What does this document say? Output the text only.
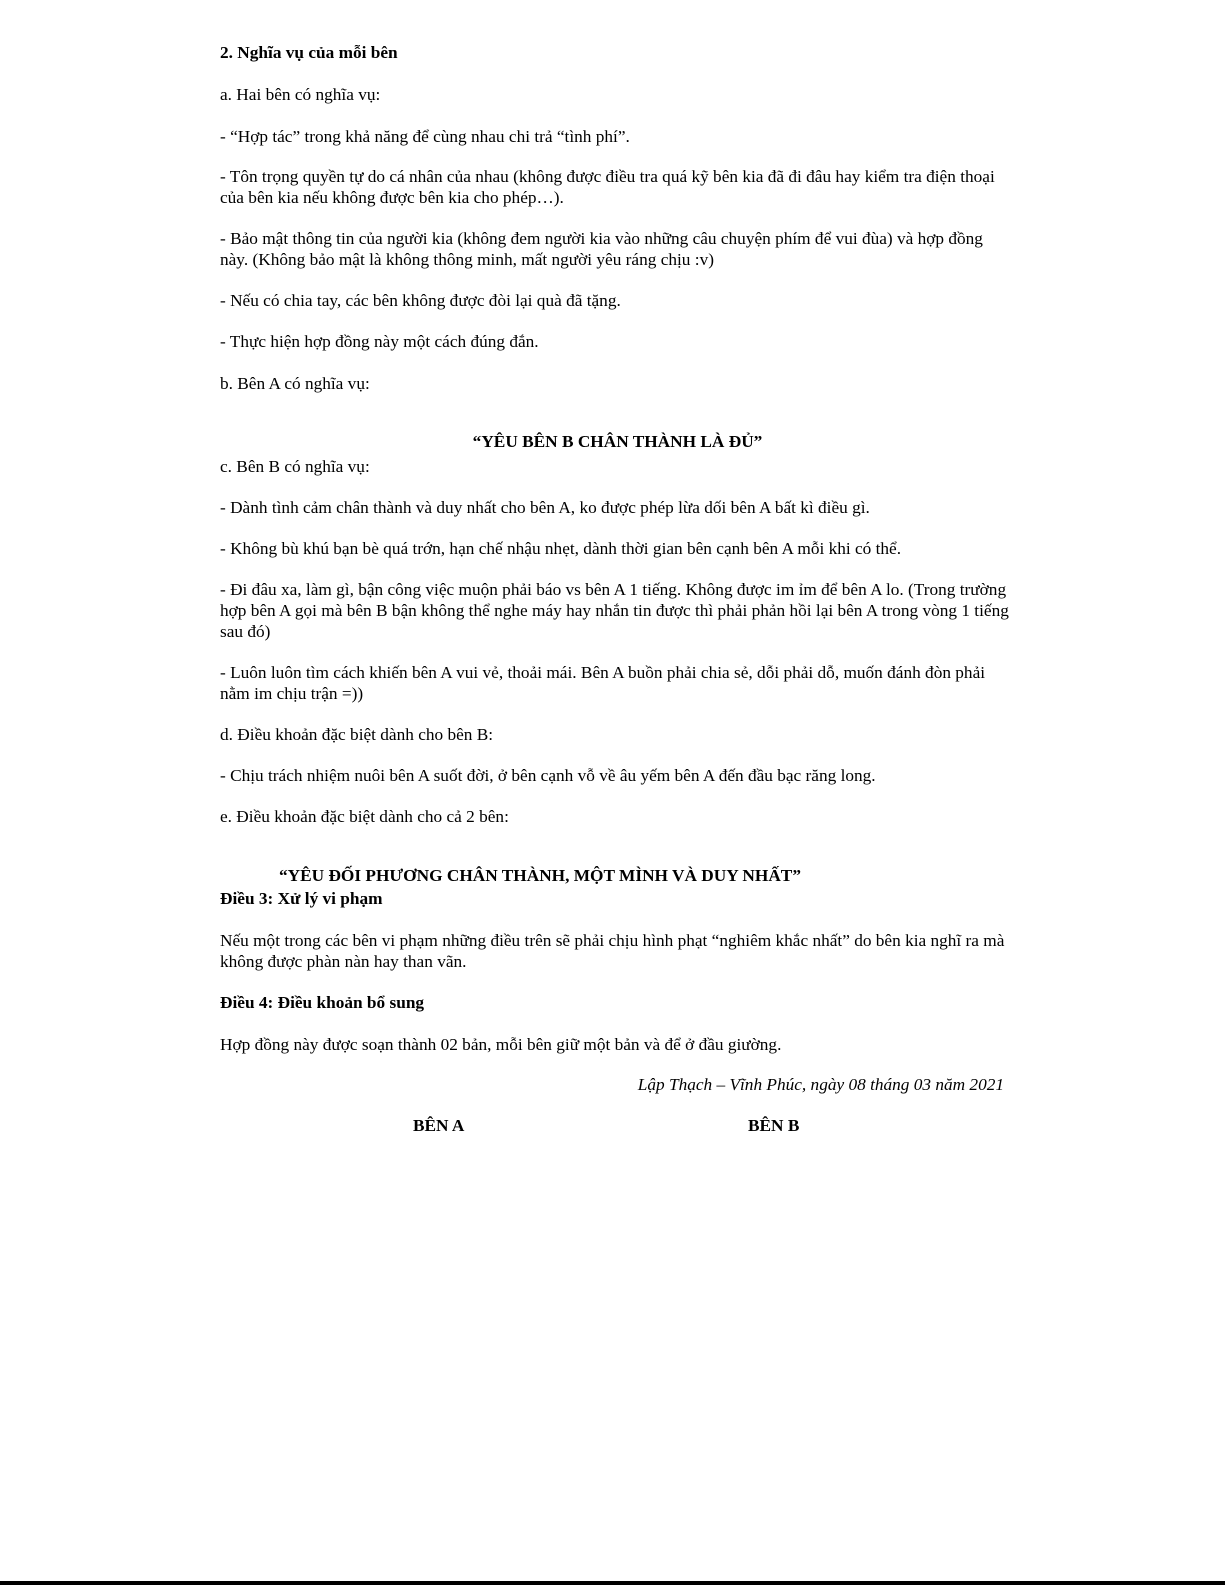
2. Nghĩa vụ của mỗi bên

a. Hai bên có nghĩa vụ:

- “Hợp tác” trong khả năng để cùng nhau chi trả “tình phí”.

- Tôn trọng quyền tự do cá nhân của nhau (không được điều tra quá kỹ bên kia đã đi đâu hay kiểm tra điện thoại của bên kia nếu không được bên kia cho phép…).

- Bảo mật thông tin của người kia (không đem người kia vào những câu chuyện phím để vui đùa) và hợp đồng này. (Không bảo mật là không thông minh, mất người yêu ráng chịu :v)

- Nếu có chia tay, các bên không được đòi lại quà đã tặng.

- Thực hiện hợp đồng này một cách đúng đắn.

b. Bên A có nghĩa vụ:

“YÊU BÊN B CHÂN THÀNH LÀ ĐỦ”

c. Bên B có nghĩa vụ:

- Dành tình cảm chân thành và duy nhất cho bên A, ko được phép lừa dối bên A bất kì điều gì.

- Không bù khú bạn bè quá trớn, hạn chế nhậu nhẹt, dành thời gian bên cạnh bên A mỗi khi có thể.

- Đi đâu xa, làm gì, bận công việc muộn phải báo vs bên A 1 tiếng. Không được im ỉm để bên A lo. (Trong trường hợp bên A gọi mà bên B bận không thể nghe máy hay nhắn tin được thì phải phản hồi lại bên A trong vòng 1 tiếng sau đó)

- Luôn luôn tìm cách khiến bên A vui vẻ, thoải mái. Bên A buồn phải chia sẻ, dỗi phải dỗ, muốn đánh đòn phải nằm im chịu trận =))

d. Điều khoản đặc biệt dành cho bên B:

- Chịu trách nhiệm nuôi bên A suốt đời, ở bên cạnh vỗ về âu yếm bên A đến đầu bạc răng long.

e. Điều khoản đặc biệt dành cho cả 2 bên:

“YÊU ĐỐI PHƯƠNG CHÂN THÀNH, MỘT MÌNH VÀ DUY NHẤT”

Điều 3: Xử lý vi phạm

Nếu một trong các bên vi phạm những điều trên sẽ phải chịu hình phạt “nghiêm khắc nhất” do bên kia nghĩ ra mà không được phàn nàn hay than vãn.

Điều 4: Điều khoản bổ sung

Hợp đồng này được soạn thành 02 bản, mỗi bên giữ một bản và để ở đầu giường.

Lập Thạch – Vĩnh Phúc, ngày 08 tháng 03 năm 2021

BÊN A	BÊN B
